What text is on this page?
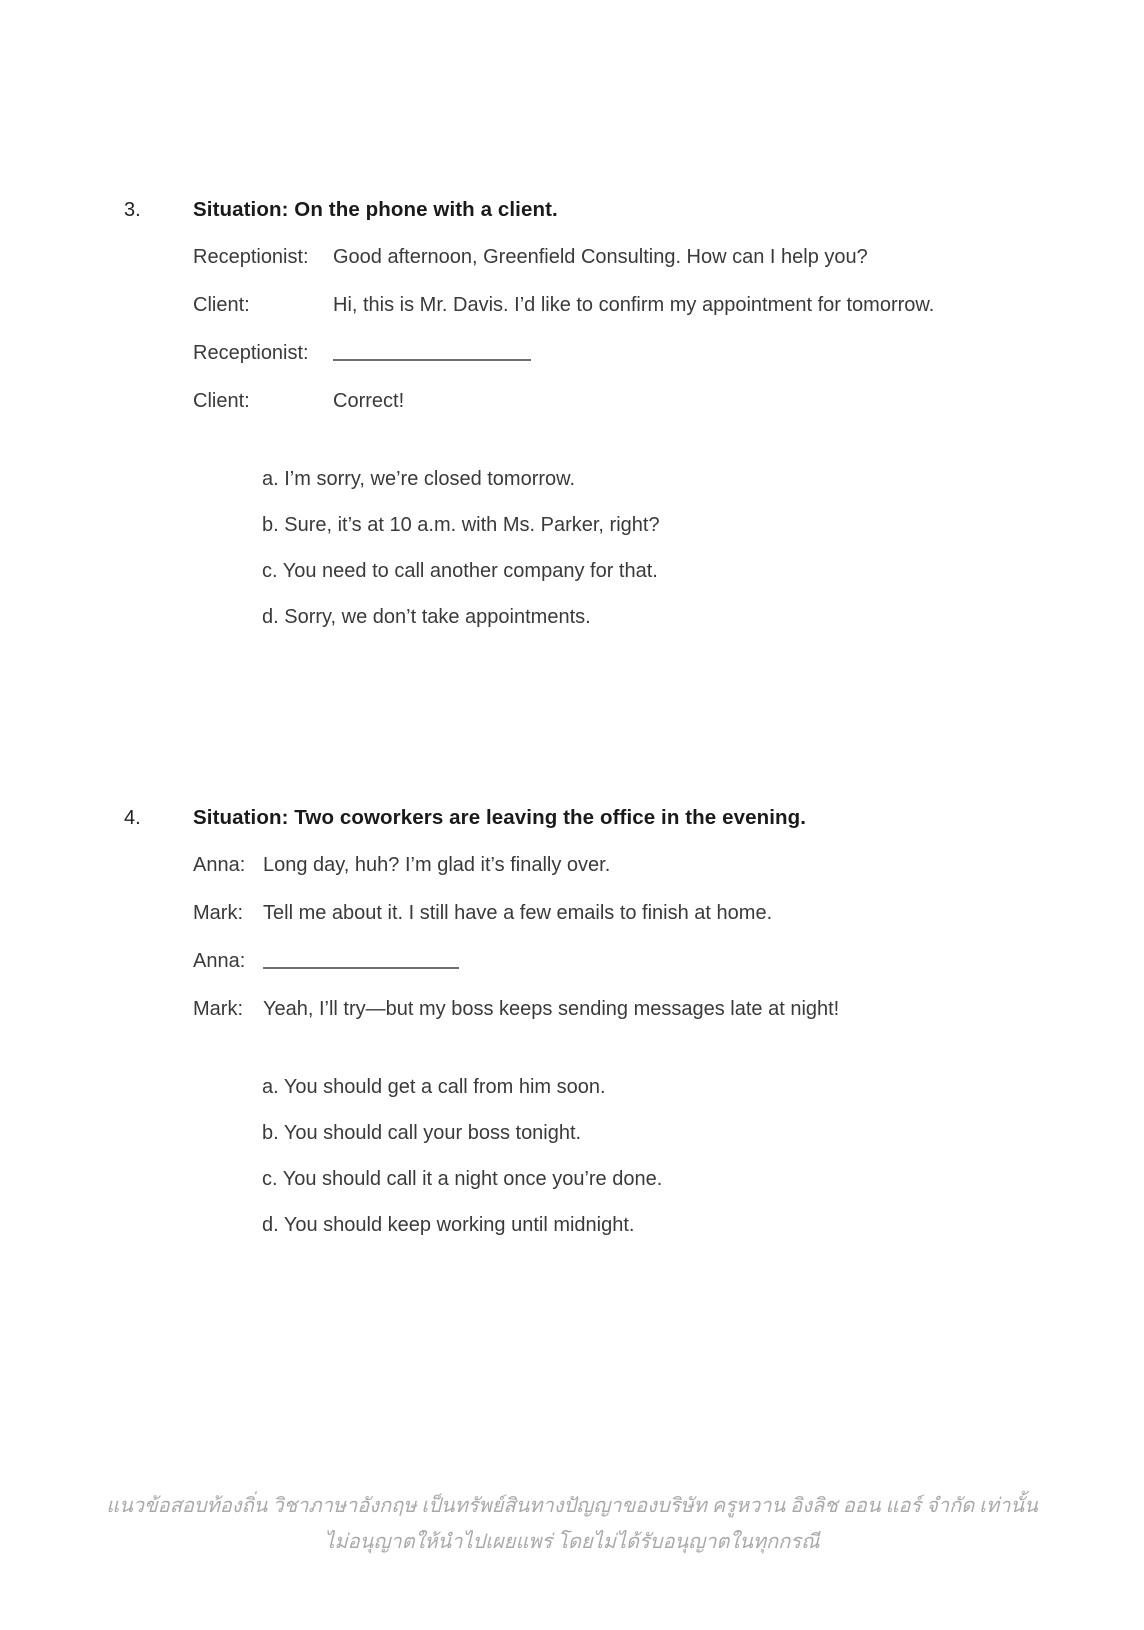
3.	Situation: On the phone with a client.
Receptionist: Good afternoon, Greenfield Consulting. How can I help you?
Client:	Hi, this is Mr. Davis. I’d like to confirm my appointment for tomorrow.
Receptionist:
Client:	Correct!
a. I’m sorry, we’re closed tomorrow.
b. Sure, it’s at 10 a.m. with Ms. Parker, right?
c. You need to call another company for that.
d. Sorry, we don’t take appointments.
4.	Situation: Two coworkers are leaving the office in the evening.
Anna: Long day, huh? I’m glad it’s finally over.
Mark: Tell me about it. I still have a few emails to finish at home.
Anna:
Mark: Yeah, I’ll try—but my boss keeps sending messages late at night!
a. You should get a call from him soon.
b. You should call your boss tonight.
c. You should call it a night once you’re done.
d. You should keep working until midnight.
แนวข้อสอบท้องถิ่น วิชาภาษาอังกฤษ เป็นทรัพย์สินทางปัญญาของบริษัท ครูหวาน อิงลิช ออน แอร์ จำกัด เท่านั้น
ไม่อนุญาตให้นำไปเผยแพร่ โดยไม่ได้รับอนุญาตในทุกกรณี
